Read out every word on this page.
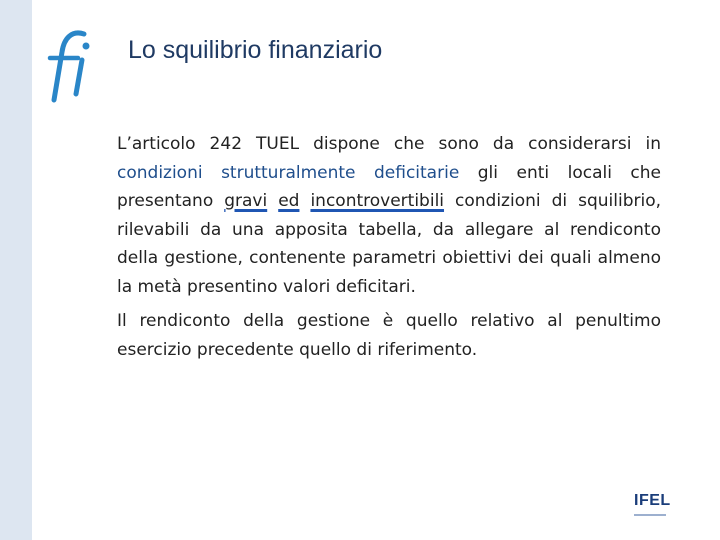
Lo squilibrio finanziario

L’articolo 242 TUEL dispone che sono da considerarsi in condizioni strutturalmente deficitarie gli enti locali che presentano gravi ed incontrovertibili condizioni di squilibrio, rilevabili da una apposita tabella, da allegare al rendiconto della gestione, contenente parametri obiettivi dei quali almeno la metà presentino valori deficitari.

Il rendiconto della gestione è quello relativo al penultimo esercizio precedente quello di riferimento.

IFEL
